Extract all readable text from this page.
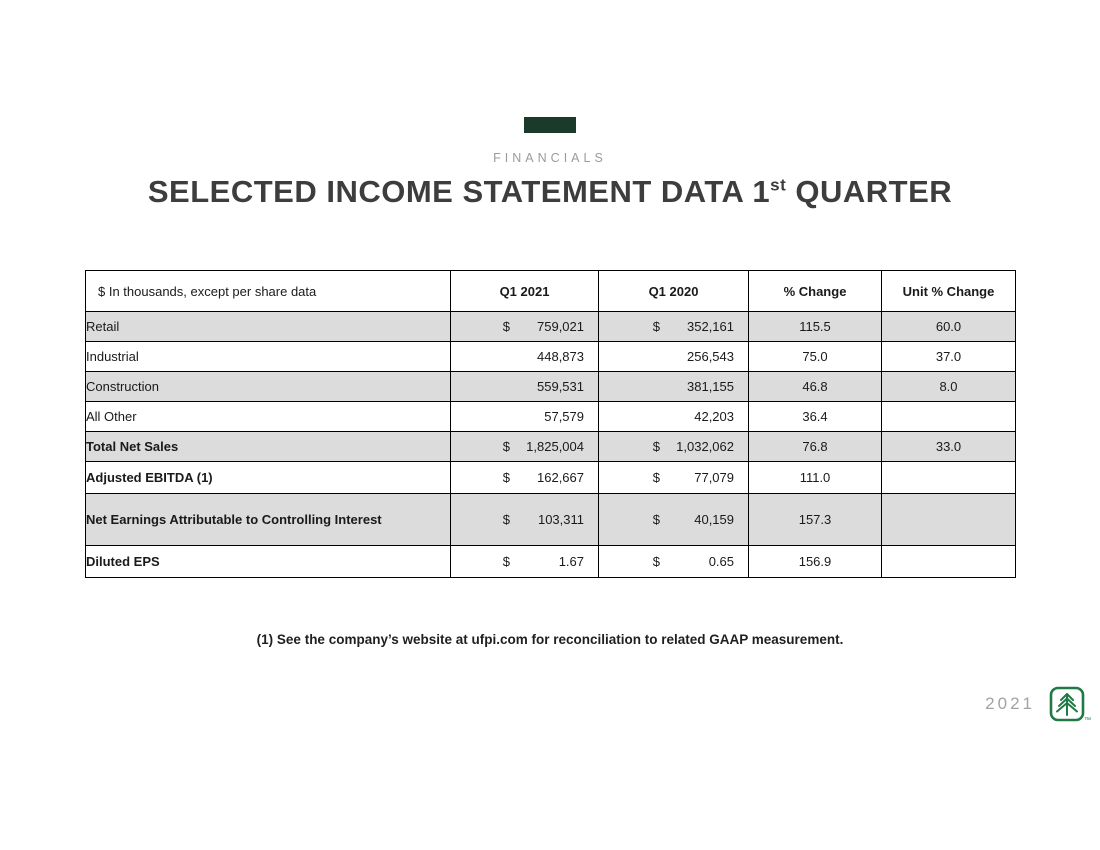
FINANCIALS
SELECTED INCOME STATEMENT DATA 1st QUARTER
$ In thousands, except per share data	Q1 2021	Q1 2020	% Change	Unit % Change
Retail	$ 759,021	$ 352,161	115.5	60.0
Industrial	448,873	256,543	75.0	37.0
Construction	559,531	381,155	46.8	8.0
All Other	57,579	42,203	36.4	
Total Net Sales	$ 1,825,004	$ 1,032,062	76.8	33.0
Adjusted EBITDA (1)	$ 162,667	$ 77,079	111.0	
Net Earnings Attributable to Controlling Interest	$ 103,311	$ 40,159	157.3	
Diluted EPS	$ 1.67	$ 0.65	156.9	
(1) See the company’s website at ufpi.com for reconciliation to related GAAP measurement.
2021
™
